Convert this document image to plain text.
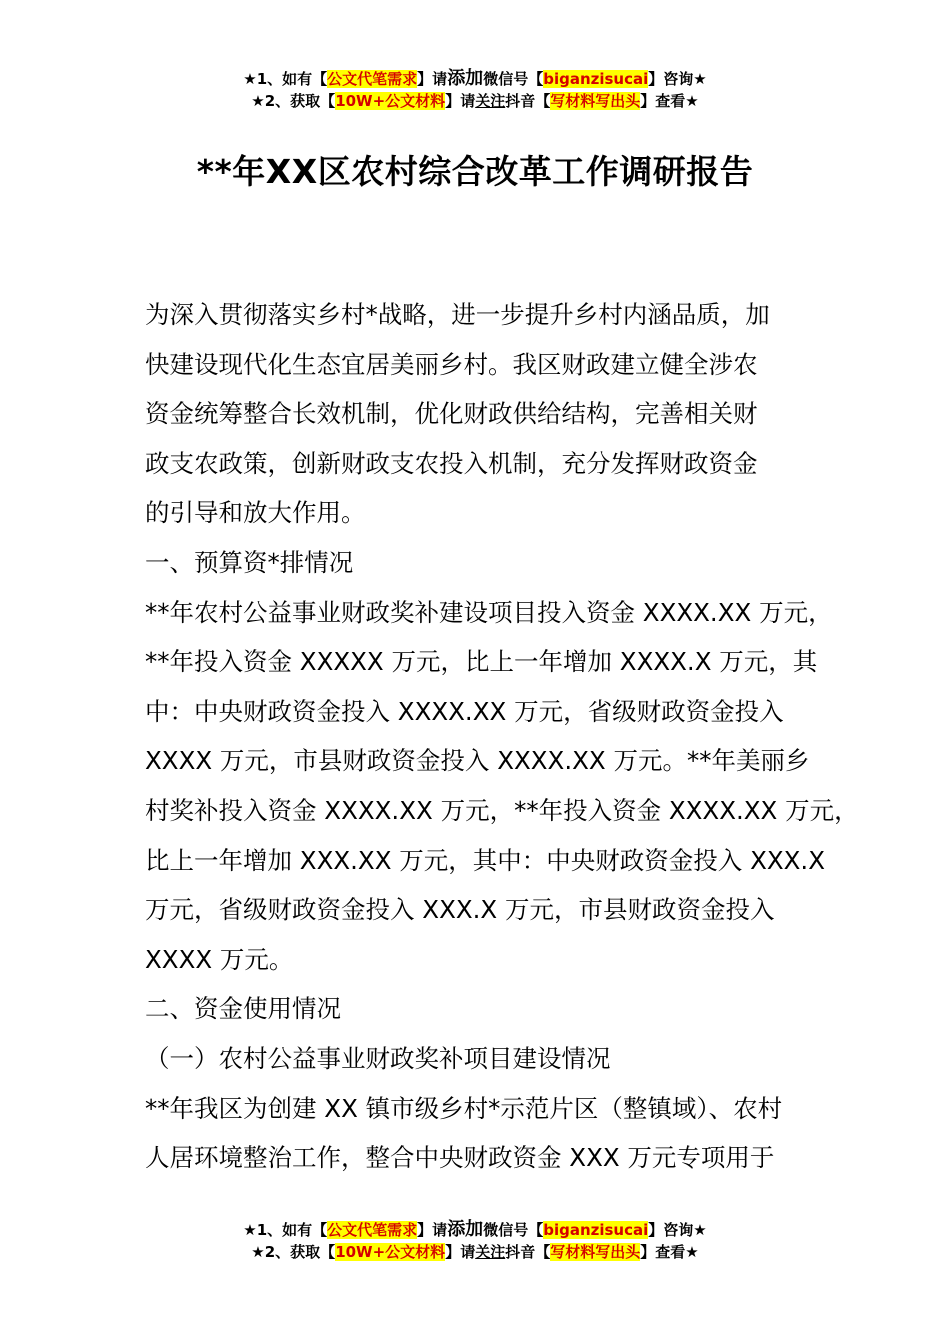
★1、如有【公文代笔需求】请添加微信号【biganzisucai】咨询★
★2、获取【10W+公文材料】请关注抖音【写材料写出头】查看★
**年XX区农村综合改革工作调研报告

为深入贯彻落实乡村*战略，进一步提升乡村内涵品质，加

快建设现代化生态宜居美丽乡村。我区财政建立健全涉农

资金统筹整合长效机制，优化财政供给结构，完善相关财

政支农政策，创新财政支农投入机制，充分发挥财政资金

的引导和放大作用。

一、预算资*排情况

**年农村公益事业财政奖补建设项目投入资金 XXXX.XX 万元，

**年投入资金 XXXXX 万元，比上一年增加 XXXX.X 万元，其

中：中央财政资金投入 XXXX.XX 万元，省级财政资金投入

XXXX 万元，市县财政资金投入 XXXX.XX 万元。**年美丽乡

村奖补投入资金 XXXX.XX 万元，**年投入资金 XXXX.XX 万元，

比上一年增加 XXX.XX 万元，其中：中央财政资金投入 XXX.X

万元，省级财政资金投入 XXX.X 万元，市县财政资金投入

XXXX 万元。

二、资金使用情况

（一）农村公益事业财政奖补项目建设情况

**年我区为创建 XX 镇市级乡村*示范片区（整镇域）、农村

人居环境整治工作，整合中央财政资金 XXX 万元专项用于

★1、如有【公文代笔需求】请添加微信号【biganzisucai】咨询★
★2、获取【10W+公文材料】请关注抖音【写材料写出头】查看★
